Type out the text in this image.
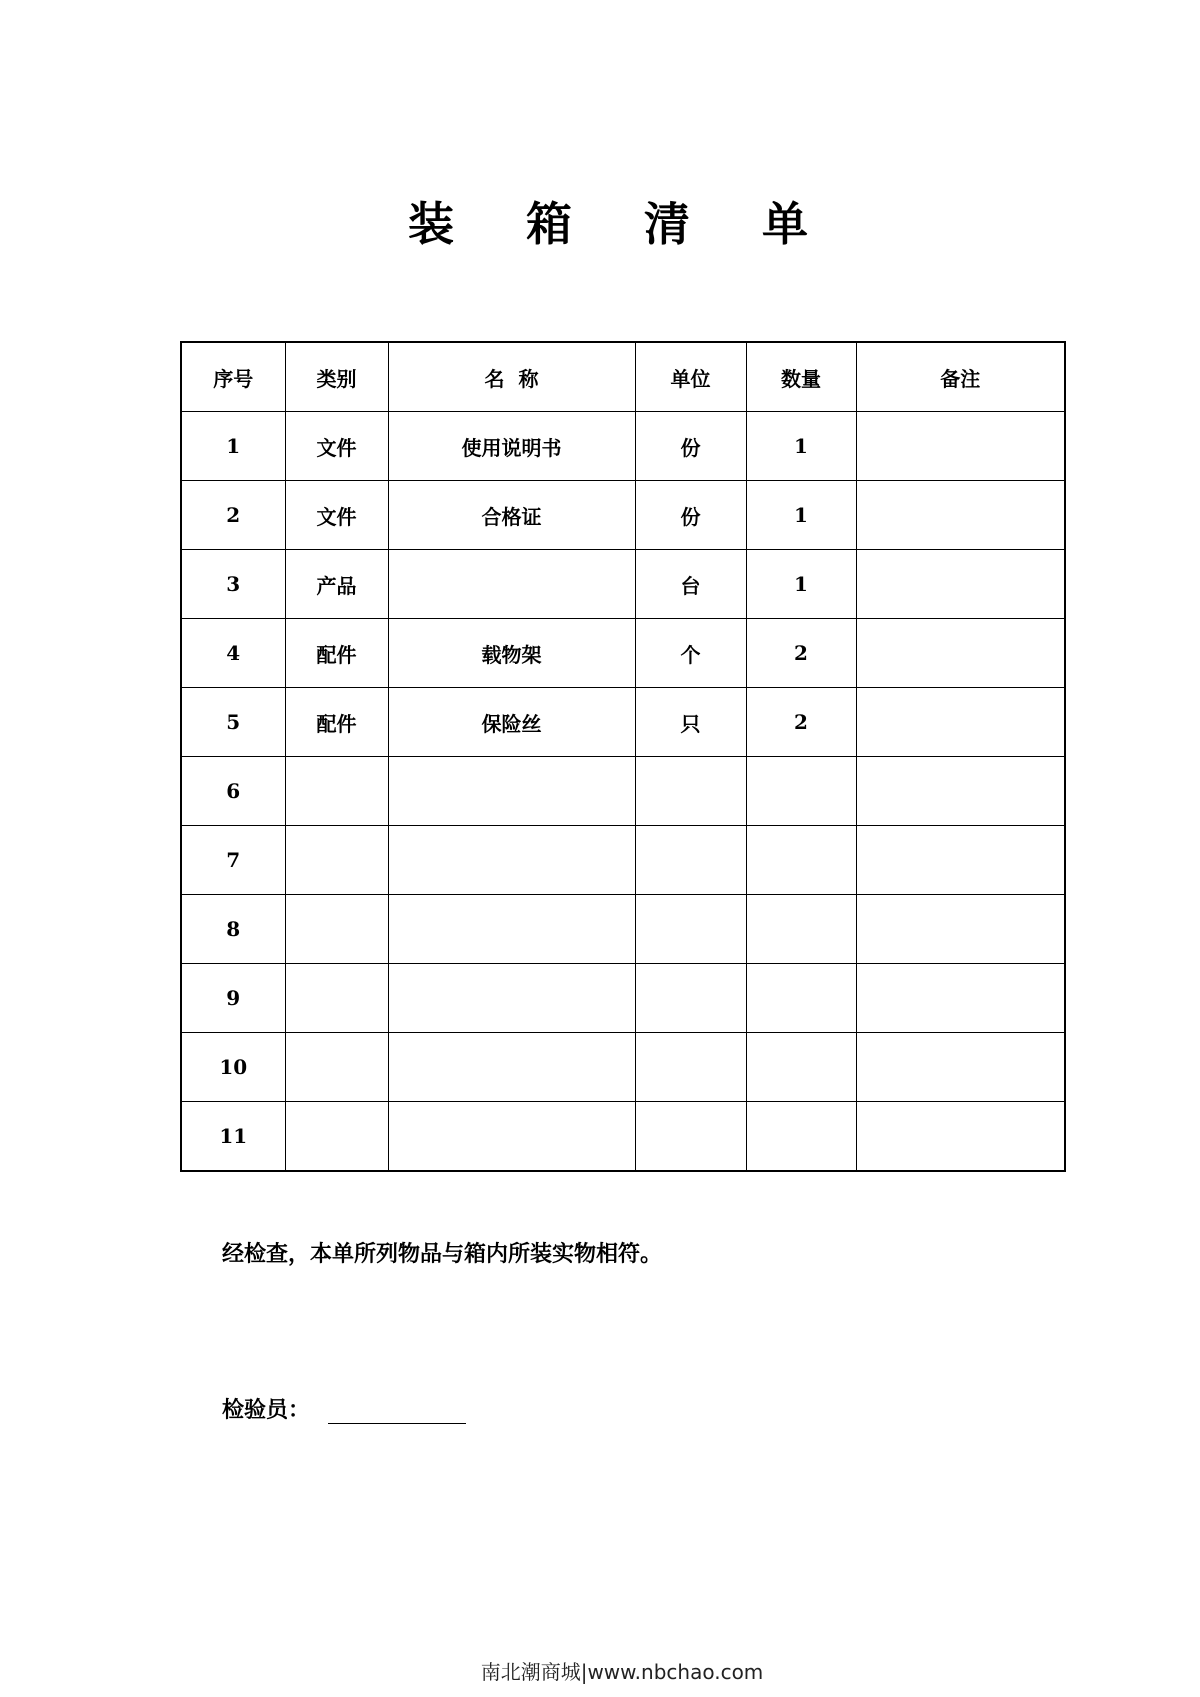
装 箱 清 单
序号	类别	名  称	单位	数量	备注
1	文件	使用说明书	份	1	
2	文件	合格证	份	1	
3	产品		台	1	
4	配件	载物架	个	2	
5	配件	保险丝	只	2	
6					
7					
8					
9					
10					
11					
经检查，本单所列物品与箱内所装实物相符。
检验员：
南北潮商城|www.nbchao.com
